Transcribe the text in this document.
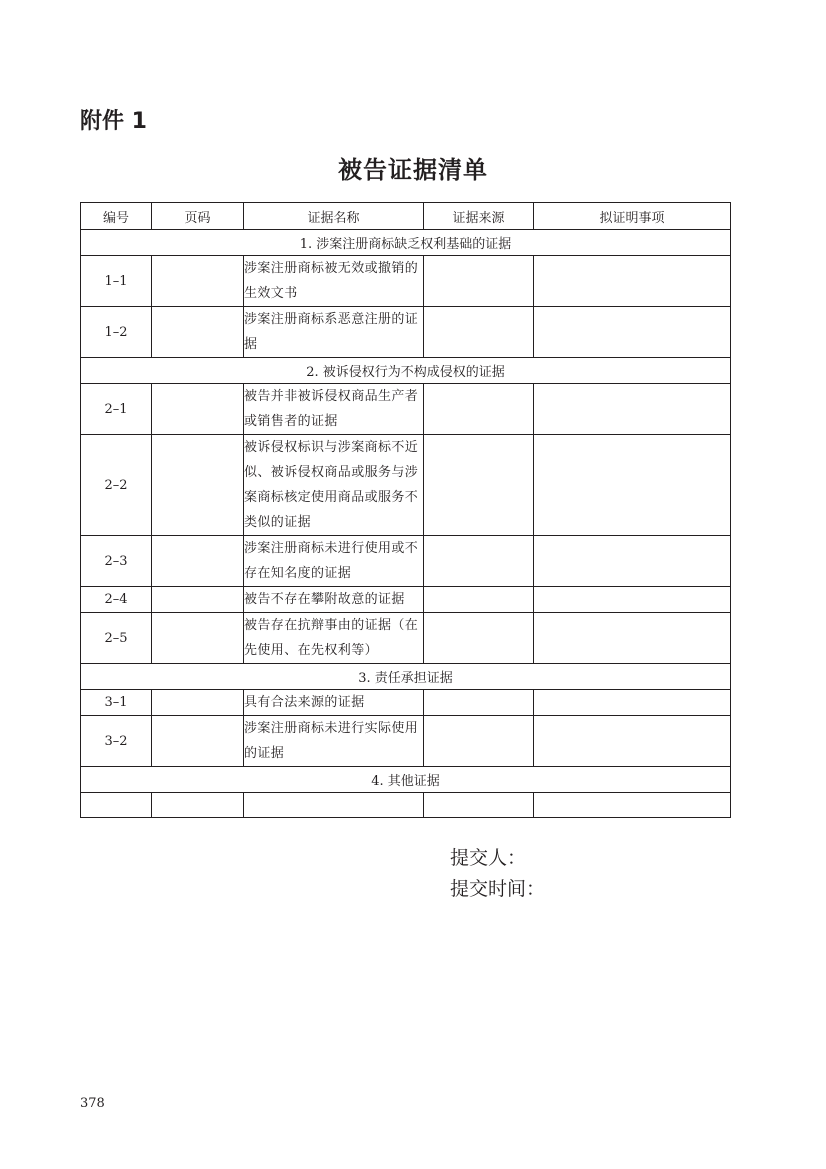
附件 1
被告证据清单
编号	页码	证据名称	证据来源	拟证明事项
1. 涉案注册商标缺乏权利基础的证据				
1–1		涉案注册商标被无效或撤销的生效文书		
1–2		涉案注册商标系恶意注册的证据		
2. 被诉侵权行为不构成侵权的证据				
2–1		被告并非被诉侵权商品生产者或销售者的证据		
2–2		被诉侵权标识与涉案商标不近似、被诉侵权商品或服务与涉案商标核定使用商品或服务不类似的证据		
2–3		涉案注册商标未进行使用或不存在知名度的证据		
2–4		被告不存在攀附故意的证据		
2–5		被告存在抗辩事由的证据（在先使用、在先权利等）		
3. 责任承担证据				
3–1		具有合法来源的证据		
3–2		涉案注册商标未进行实际使用的证据		
4. 其他证据				

提交人：
提交时间：
378
